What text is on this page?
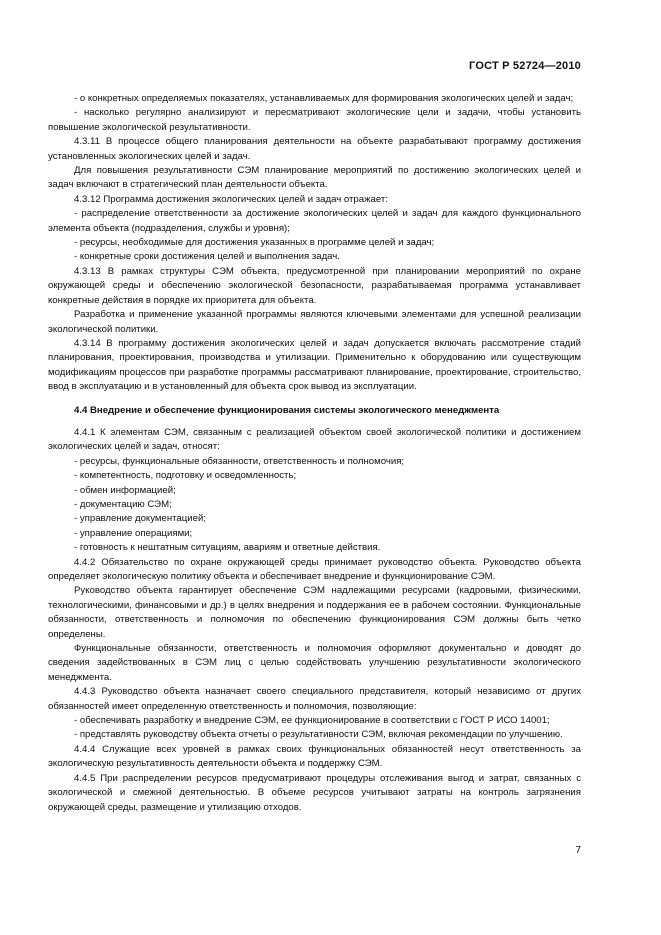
ГОСТ Р 52724—2010

- о конкретных определяемых показателях, устанавливаемых для формирования экологических целей и задач;

- насколько регулярно анализируют и пересматривают экологические цели и задачи, чтобы установить повышение экологической результативности.

4.3.11 В процессе общего планирования деятельности на объекте разрабатывают программу достижения установленных экологических целей и задач.

Для повышения результативности СЭМ планирование мероприятий по достижению экологических целей и задач включают в стратегический план деятельности объекта.

4.3.12 Программа достижения экологических целей и задач отражает:

- распределение ответственности за достижение экологических целей и задач для каждого функционального элемента объекта (подразделения, службы и уровня);

- ресурсы, необходимые для достижения указанных в программе целей и задач;

- конкретные сроки достижения целей и выполнения задач.

4.3.13 В рамках структуры СЭМ объекта, предусмотренной при планировании мероприятий по охране окружающей среды и обеспечению экологической безопасности, разрабатываемая программа устанавливает конкретные действия в порядке их приоритета для объекта.

Разработка и применение указанной программы являются ключевыми элементами для успешной реализации экологической политики.

4.3.14 В программу достижения экологических целей и задач допускается включать рассмотрение стадий планирования, проектирования, производства и утилизации. Применительно к оборудованию или существующим модификациям процессов при разработке программы рассматривают планирование, проектирование, строительство, ввод в эксплуатацию и в установленный для объекта срок вывод из эксплуатации.

4.4 Внедрение и обеспечение функционирования системы экологического менеджмента

4.4.1 К элементам СЭМ, связанным с реализацией объектом своей экологической политики и достижением экологических целей и задач, относят:

- ресурсы, функциональные обязанности, ответственность и полномочия;

- компетентность, подготовку и осведомленность;

- обмен информацией;

- документацию СЭМ;

- управление документацией;

- управление операциями;

- готовность к нештатным ситуациям, авариям и ответные действия.

4.4.2 Обязательство по охране окружающей среды принимает руководство объекта. Руководство объекта определяет экологическую политику объекта и обеспечивает внедрение и функционирование СЭМ.

Руководство объекта гарантирует обеспечение СЭМ надлежащими ресурсами (кадровыми, физическими, технологическими, финансовыми и др.) в целях внедрения и поддержания ее в рабочем состоянии. Функциональные обязанности, ответственность и полномочия по обеспечению функционирования СЭМ должны быть четко определены.

Функциональные обязанности, ответственность и полномочия оформляют документально и доводят до сведения задействованных в СЭМ лиц с целью содействовать улучшению результативности экологического менеджмента.

4.4.3 Руководство объекта назначает своего специального представителя, который независимо от других обязанностей имеет определенную ответственность и полномочия, позволяющие:

- обеспечивать разработку и внедрение СЭМ, ее функционирование в соответствии с ГОСТ Р ИСО 14001;

- представлять руководству объекта отчеты о результативности СЭМ, включая рекомендации по улучшению.

4.4.4 Служащие всех уровней в рамках своих функциональных обязанностей несут ответственность за экологическую результативность деятельности объекта и поддержку СЭМ.

4.4.5 При распределении ресурсов предусматривают процедуры отслеживания выгод и затрат, связанных с экологической и смежной деятельностью. В объеме ресурсов учитывают затраты на контроль загрязнения окружающей среды, размещение и утилизацию отходов.

7
